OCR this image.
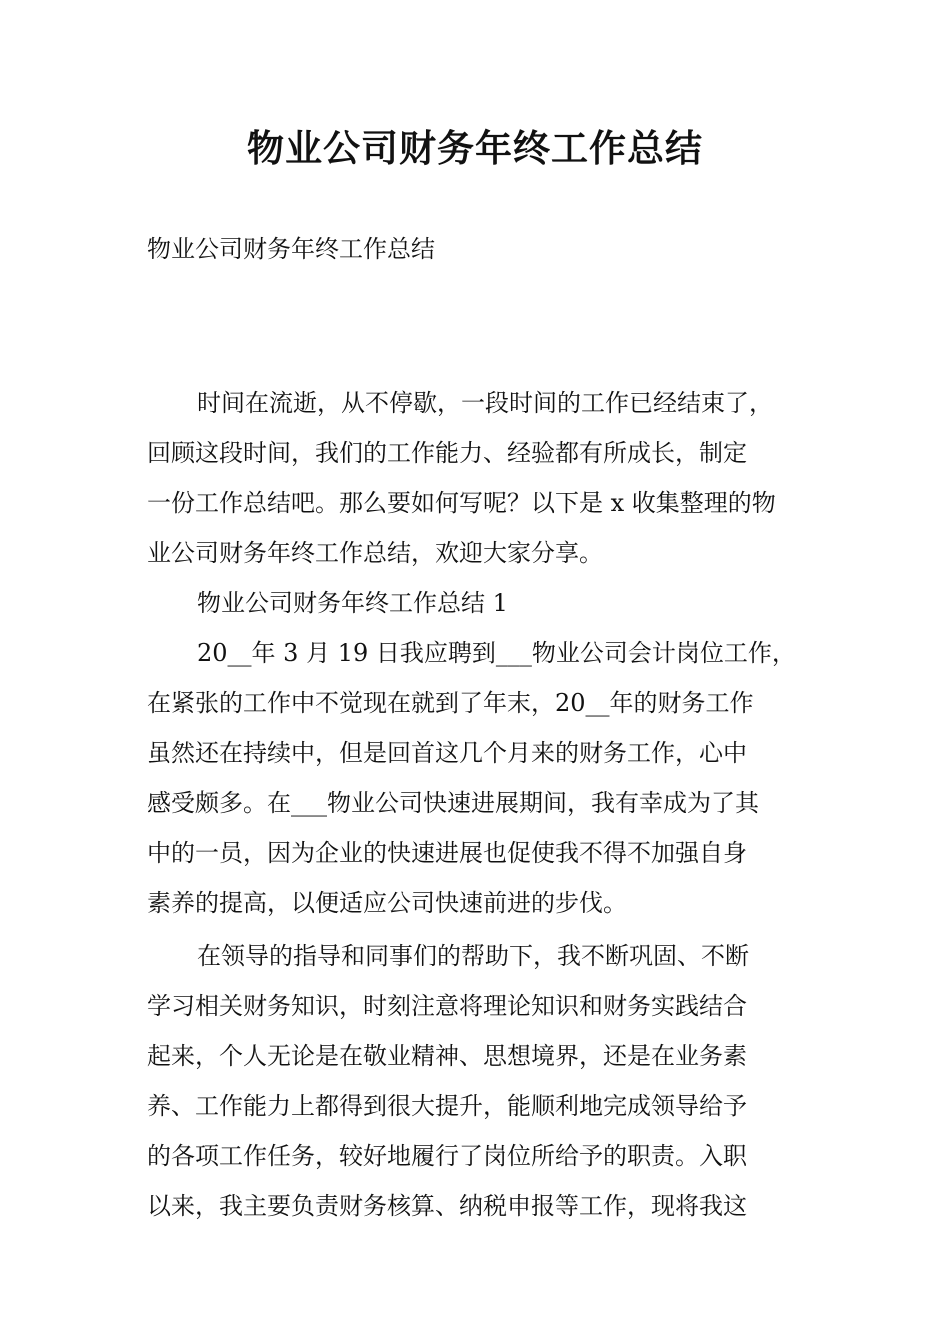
物业公司财务年终工作总结

物业公司财务年终工作总结

时间在流逝，从不停歇，一段时间的工作已经结束了，

回顾这段时间，我们的工作能力、经验都有所成长，制定

一份工作总结吧。那么要如何写呢？以下是 x 收集整理的物

业公司财务年终工作总结，欢迎大家分享。

物业公司财务年终工作总结 1

20__年 3 月 19 日我应聘到___物业公司会计岗位工作，

在紧张的工作中不觉现在就到了年末，20__年的财务工作

虽然还在持续中，但是回首这几个月来的财务工作，心中

感受颇多。在___物业公司快速进展期间，我有幸成为了其

中的一员，因为企业的快速进展也促使我不得不加强自身

素养的提高，以便适应公司快速前进的步伐。

在领导的指导和同事们的帮助下，我不断巩固、不断

学习相关财务知识，时刻注意将理论知识和财务实践结合

起来，个人无论是在敬业精神、思想境界，还是在业务素

养、工作能力上都得到很大提升，能顺利地完成领导给予

的各项工作任务，较好地履行了岗位所给予的职责。入职

以来，我主要负责财务核算、纳税申报等工作，现将我这
